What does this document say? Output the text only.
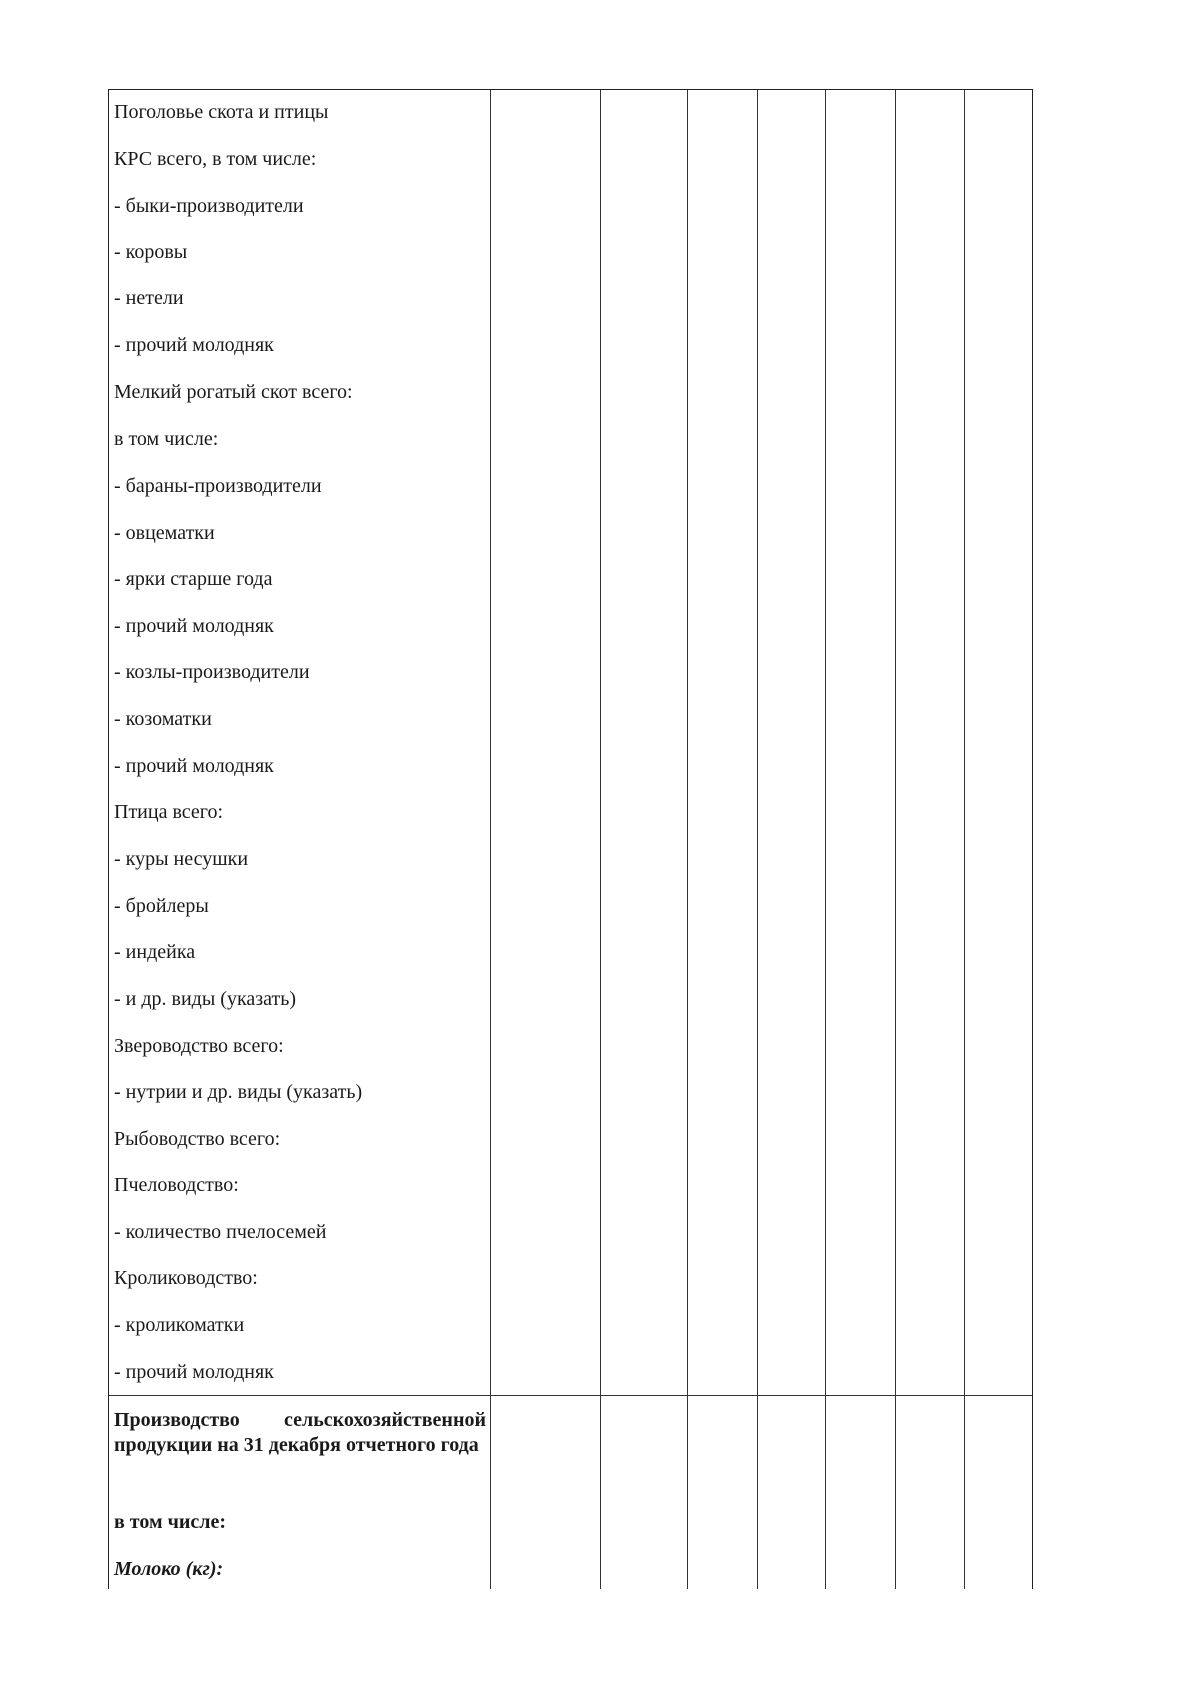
Поголовье скота и птицы
КРС всего, в том числе:
- быки-производители
- коровы
- нетели
- прочий молодняк
Мелкий рогатый скот всего:
в том числе:
- бараны-производители
- овцематки
- ярки старше года
- прочий молодняк
- козлы-производители
- козоматки
- прочий молодняк
Птица всего:
- куры несушки
- бройлеры
- индейка
- и др. виды (указать)
Звероводство всего:
- нутрии и др. виды (указать)
Рыбоводство всего:
Пчеловодство:
- количество пчелосемей
Кролиководство:
- кроликоматки
- прочий молодняк
Производство сельскохозяйственной продукции на 31 декабря отчетного года
в том числе:
Молоко (кг):
